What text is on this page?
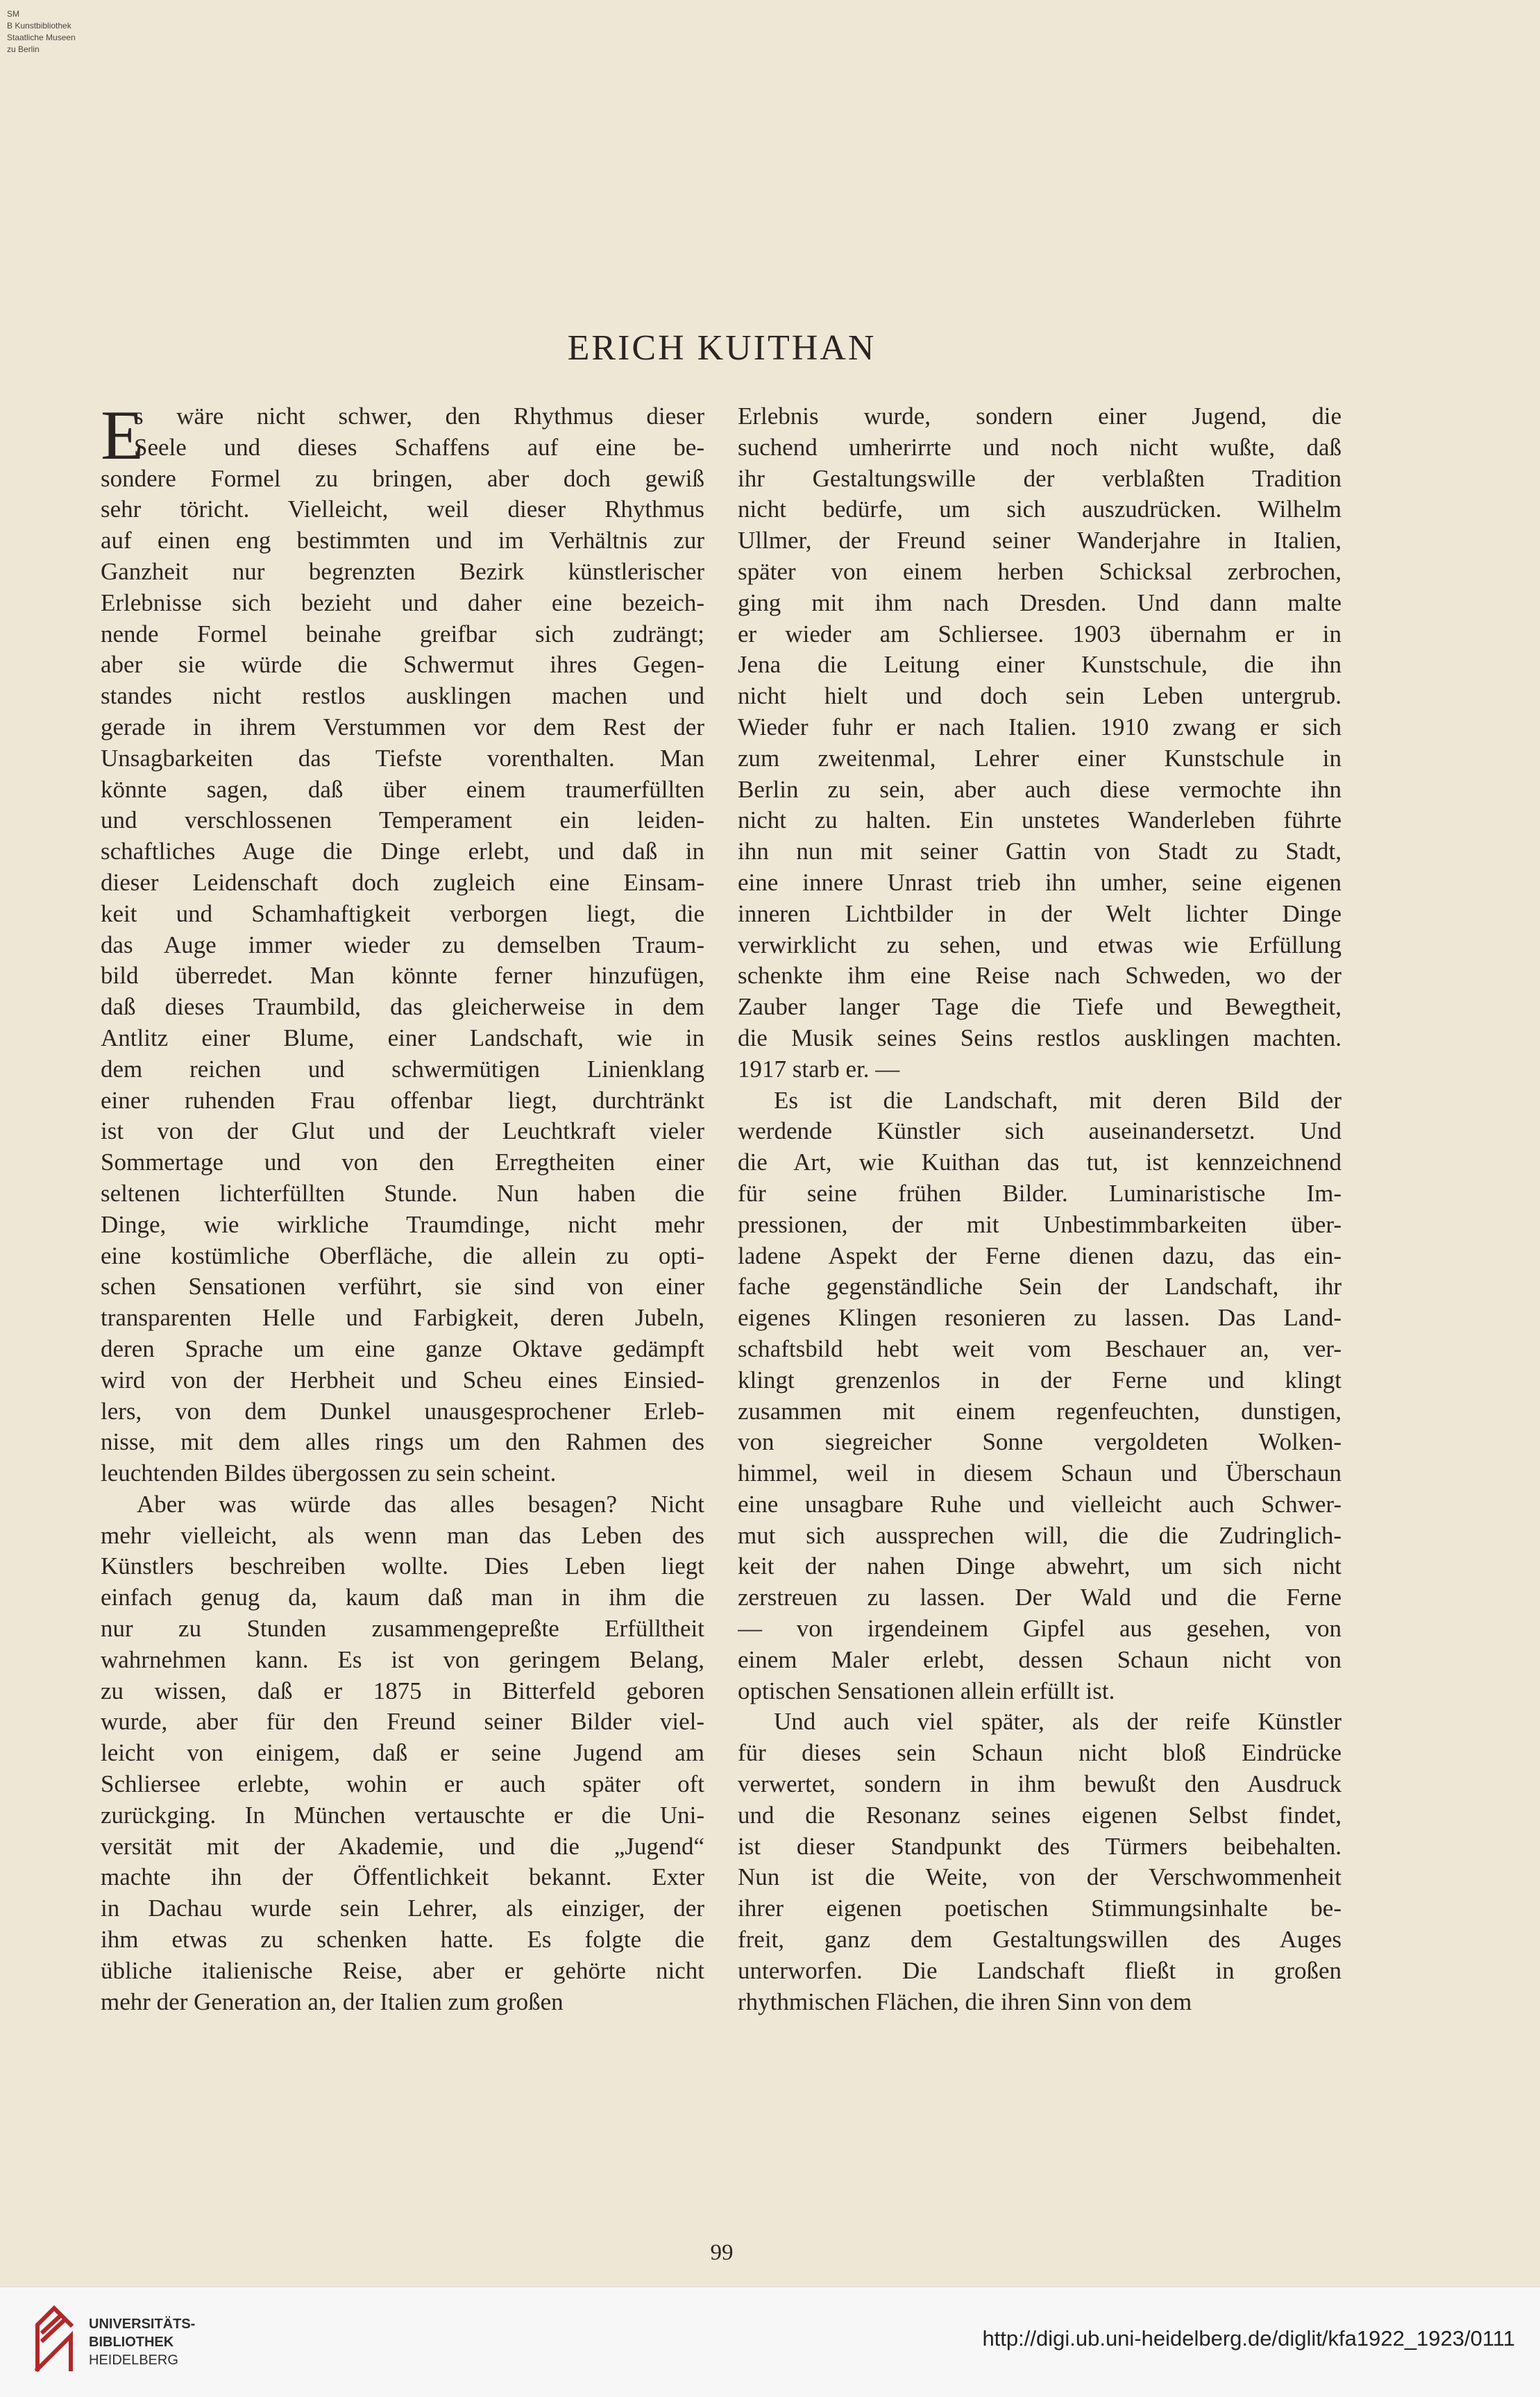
SM
B Kunstbibliothek
Staatliche Museen
zu Berlin
ERICH KUITHAN
E
s wäre nicht schwer, den Rhythmus dieser
Seele und dieses Schaffens auf eine be-
sondere Formel zu bringen, aber doch gewiß
sehr töricht. Vielleicht, weil dieser Rhythmus
auf einen eng bestimmten und im Verhältnis zur
Ganzheit nur begrenzten Bezirk künstlerischer
Erlebnisse sich bezieht und daher eine bezeich-
nende Formel beinahe greifbar sich zudrängt;
aber sie würde die Schwermut ihres Gegen-
standes nicht restlos ausklingen machen und
gerade in ihrem Verstummen vor dem Rest der
Unsagbarkeiten das Tiefste vorenthalten. Man
könnte sagen, daß über einem traumerfüllten
und verschlossenen Temperament ein leiden-
schaftliches Auge die Dinge erlebt, und daß in
dieser Leidenschaft doch zugleich eine Einsam-
keit und Schamhaftigkeit verborgen liegt, die
das Auge immer wieder zu demselben Traum-
bild überredet. Man könnte ferner hinzufügen,
daß dieses Traumbild, das gleicherweise in dem
Antlitz einer Blume, einer Landschaft, wie in
dem reichen und schwermütigen Linienklang
einer ruhenden Frau offenbar liegt, durchtränkt
ist von der Glut und der Leuchtkraft vieler
Sommertage und von den Erregtheiten einer
seltenen lichterfüllten Stunde. Nun haben die
Dinge, wie wirkliche Traumdinge, nicht mehr
eine kostümliche Oberfläche, die allein zu opti-
schen Sensationen verführt, sie sind von einer
transparenten Helle und Farbigkeit, deren Jubeln,
deren Sprache um eine ganze Oktave gedämpft
wird von der Herbheit und Scheu eines Einsied-
lers, von dem Dunkel unausgesprochener Erleb-
nisse, mit dem alles rings um den Rahmen des
leuchtenden Bildes übergossen zu sein scheint.
Aber was würde das alles besagen? Nicht
mehr vielleicht, als wenn man das Leben des
Künstlers beschreiben wollte. Dies Leben liegt
einfach genug da, kaum daß man in ihm die
nur zu Stunden zusammengepreßte Erfülltheit
wahrnehmen kann. Es ist von geringem Belang,
zu wissen, daß er 1875 in Bitterfeld geboren
wurde, aber für den Freund seiner Bilder viel-
leicht von einigem, daß er seine Jugend am
Schliersee erlebte, wohin er auch später oft
zurückging. In München vertauschte er die Uni-
versität mit der Akademie, und die „Jugend“
machte ihn der Öffentlichkeit bekannt. Exter
in Dachau wurde sein Lehrer, als einziger, der
ihm etwas zu schenken hatte. Es folgte die
übliche italienische Reise, aber er gehörte nicht
mehr der Generation an, der Italien zum großen
Erlebnis wurde, sondern einer Jugend, die
suchend umherirrte und noch nicht wußte, daß
ihr Gestaltungswille der verblaßten Tradition
nicht bedürfe, um sich auszudrücken. Wilhelm
Ullmer, der Freund seiner Wanderjahre in Italien,
später von einem herben Schicksal zerbrochen,
ging mit ihm nach Dresden. Und dann malte
er wieder am Schliersee. 1903 übernahm er in
Jena die Leitung einer Kunstschule, die ihn
nicht hielt und doch sein Leben untergrub.
Wieder fuhr er nach Italien. 1910 zwang er sich
zum zweitenmal, Lehrer einer Kunstschule in
Berlin zu sein, aber auch diese vermochte ihn
nicht zu halten. Ein unstetes Wanderleben führte
ihn nun mit seiner Gattin von Stadt zu Stadt,
eine innere Unrast trieb ihn umher, seine eigenen
inneren Lichtbilder in der Welt lichter Dinge
verwirklicht zu sehen, und etwas wie Erfüllung
schenkte ihm eine Reise nach Schweden, wo der
Zauber langer Tage die Tiefe und Bewegtheit,
die Musik seines Seins restlos ausklingen machten.
1917 starb er. —
Es ist die Landschaft, mit deren Bild der
werdende Künstler sich auseinandersetzt. Und
die Art, wie Kuithan das tut, ist kennzeichnend
für seine frühen Bilder. Luminaristische Im-
pressionen, der mit Unbestimmbarkeiten über-
ladene Aspekt der Ferne dienen dazu, das ein-
fache gegenständliche Sein der Landschaft, ihr
eigenes Klingen resonieren zu lassen. Das Land-
schaftsbild hebt weit vom Beschauer an, ver-
klingt grenzenlos in der Ferne und klingt
zusammen mit einem regenfeuchten, dunstigen,
von siegreicher Sonne vergoldeten Wolken-
himmel, weil in diesem Schaun und Überschaun
eine unsagbare Ruhe und vielleicht auch Schwer-
mut sich aussprechen will, die die Zudringlich-
keit der nahen Dinge abwehrt, um sich nicht
zerstreuen zu lassen. Der Wald und die Ferne
— von irgendeinem Gipfel aus gesehen, von
einem Maler erlebt, dessen Schaun nicht von
optischen Sensationen allein erfüllt ist.
Und auch viel später, als der reife Künstler
für dieses sein Schaun nicht bloß Eindrücke
verwertet, sondern in ihm bewußt den Ausdruck
und die Resonanz seines eigenen Selbst findet,
ist dieser Standpunkt des Türmers beibehalten.
Nun ist die Weite, von der Verschwommenheit
ihrer eigenen poetischen Stimmungsinhalte be-
freit, ganz dem Gestaltungswillen des Auges
unterworfen. Die Landschaft fließt in großen
rhythmischen Flächen, die ihren Sinn von dem
99
UNIVERSITÄTS-
BIBLIOTHEK
HEIDELBERG
http://digi.ub.uni-heidelberg.de/diglit/kfa1922_1923/0111
